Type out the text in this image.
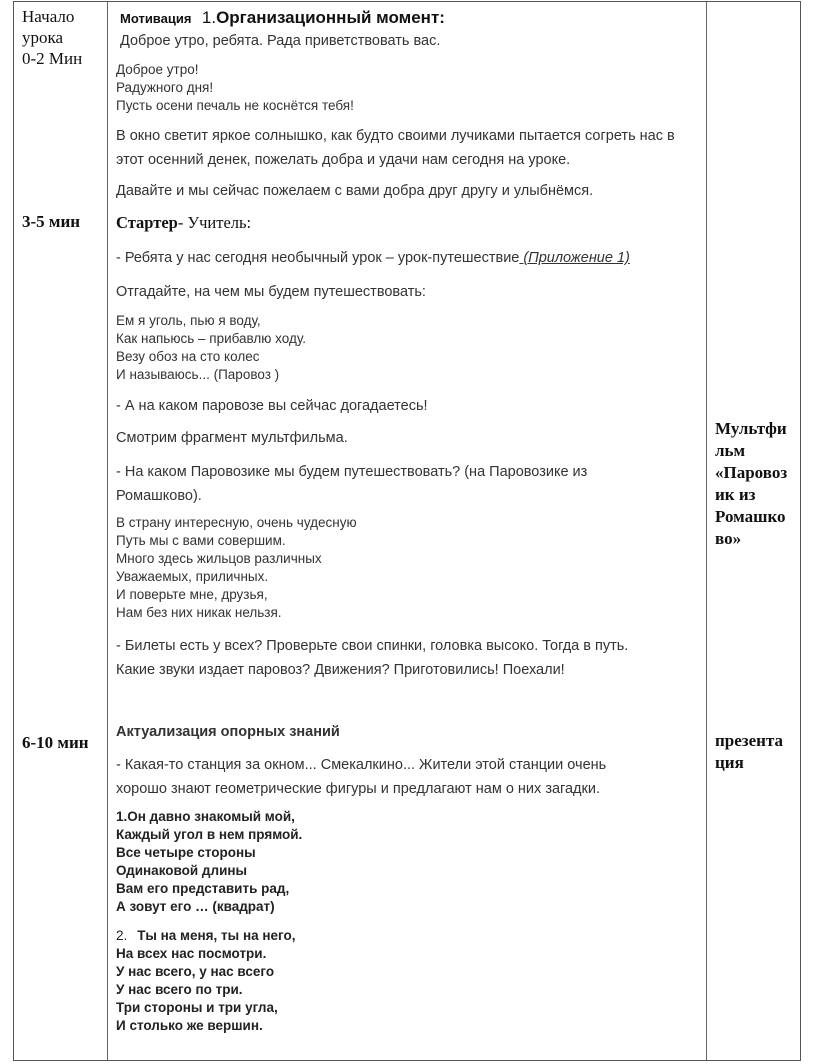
Начало
урока
0-2 Мин
3-5 мин
6-10 мин
Мотивация 1.Организационный момент:
Доброе утро, ребята. Рада приветствовать вас.
Доброе утро!
Радужного дня!
Пусть осени печаль не коснётся тебя!
В окно светит яркое солнышко, как будто своими лучиками пытается согреть нас в этот осенний денек, пожелать добра и удачи нам сегодня на уроке.
Давайте и мы сейчас пожелаем с вами добра друг другу и улыбнёмся.
Стартер- Учитель:
- Ребята у нас сегодня необычный урок – урок-путешествие (Приложение 1)
Отгадайте, на чем мы будем путешествовать:
Ем я уголь, пью я воду,
Как напьюсь – прибавлю ходу.
Везу обоз на сто колес
И называюсь... (Паровоз )
- А на каком паровозе вы сейчас догадаетесь!
Смотрим фрагмент мультфильма.
- На каком Паровозике мы будем путешествовать? (на Паровозике из
Ромашково).
В страну интересную, очень чудесную
Путь мы с вами совершим.
Много здесь жильцов различных
Уважаемых, приличных.
И поверьте мне, друзья,
Нам без них никак нельзя.
- Билеты есть у всех? Проверьте свои спинки, головка высоко. Тогда в путь.
Какие звуки издает паровоз? Движения? Приготовились! Поехали!
Актуализация опорных знаний
- Какая-то станция за окном... Смекалкино... Жители этой станции очень
хорошо знают геометрические фигуры и предлагают нам о них загадки.
1.Он давно знакомый мой,
Каждый угол в нем прямой.
Все четыре стороны
Одинаковой длины
Вам его представить рад,
А зовут его … (квадрат)
2. Ты на меня, ты на него,
На всех нас посмотри.
У нас всего, у нас всего
У нас всего по три.
Три стороны и три угла,
И столько же вершин.
Мультфи
льм
«Паровоз
ик из
Ромашко
во»
презента
ция
